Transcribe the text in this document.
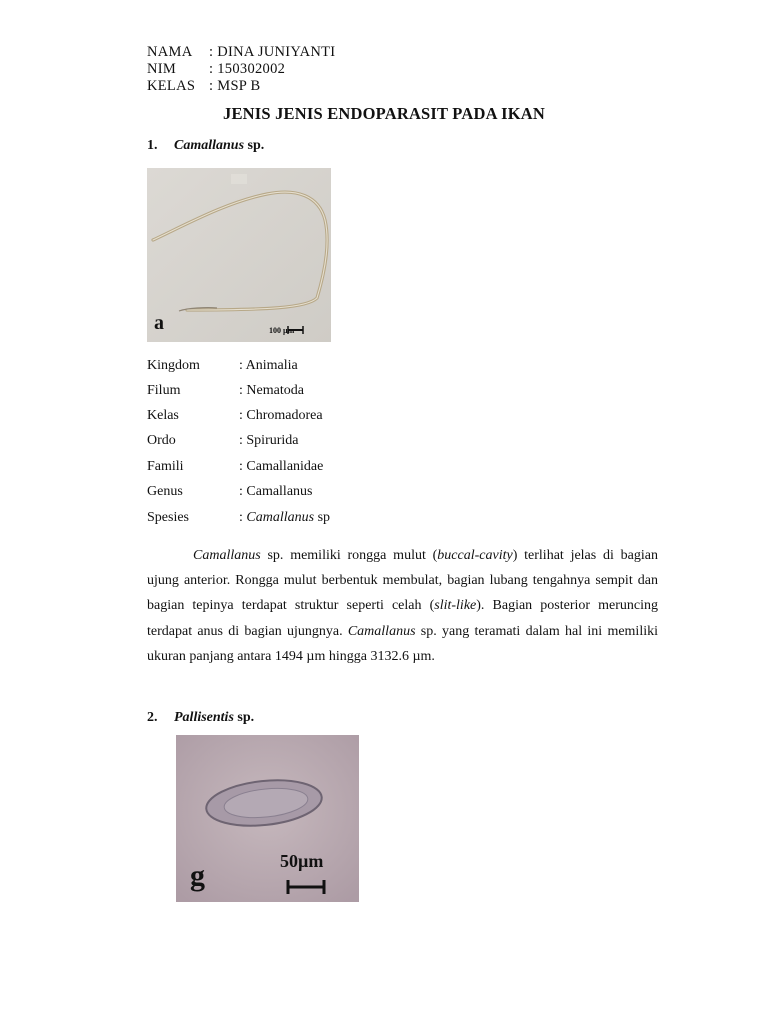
NAMA : DINA JUNIYANTI
NIM : 150302002
KELAS : MSP B
JENIS JENIS ENDOPARASIT PADA IKAN
1. Camallanus sp.
a	100 µm
Kingdom	: Animalia
Filum	: Nematoda
Kelas	: Chromadorea
Ordo	: Spirurida
Famili	: Camallanidae
Genus	: Camallanus
Spesies	: Camallanus sp
Camallanus sp. memiliki rongga mulut (buccal-cavity) terlihat jelas di bagian ujung anterior. Rongga mulut berbentuk membulat, bagian lubang tengahnya sempit dan bagian tepinya terdapat struktur seperti celah (slit-like). Bagian posterior meruncing terdapat anus di bagian ujungnya. Camallanus sp. yang teramati dalam hal ini memiliki ukuran panjang antara 1494 µm hingga 3132.6 µm.
2. Pallisentis sp.
g	50µm
